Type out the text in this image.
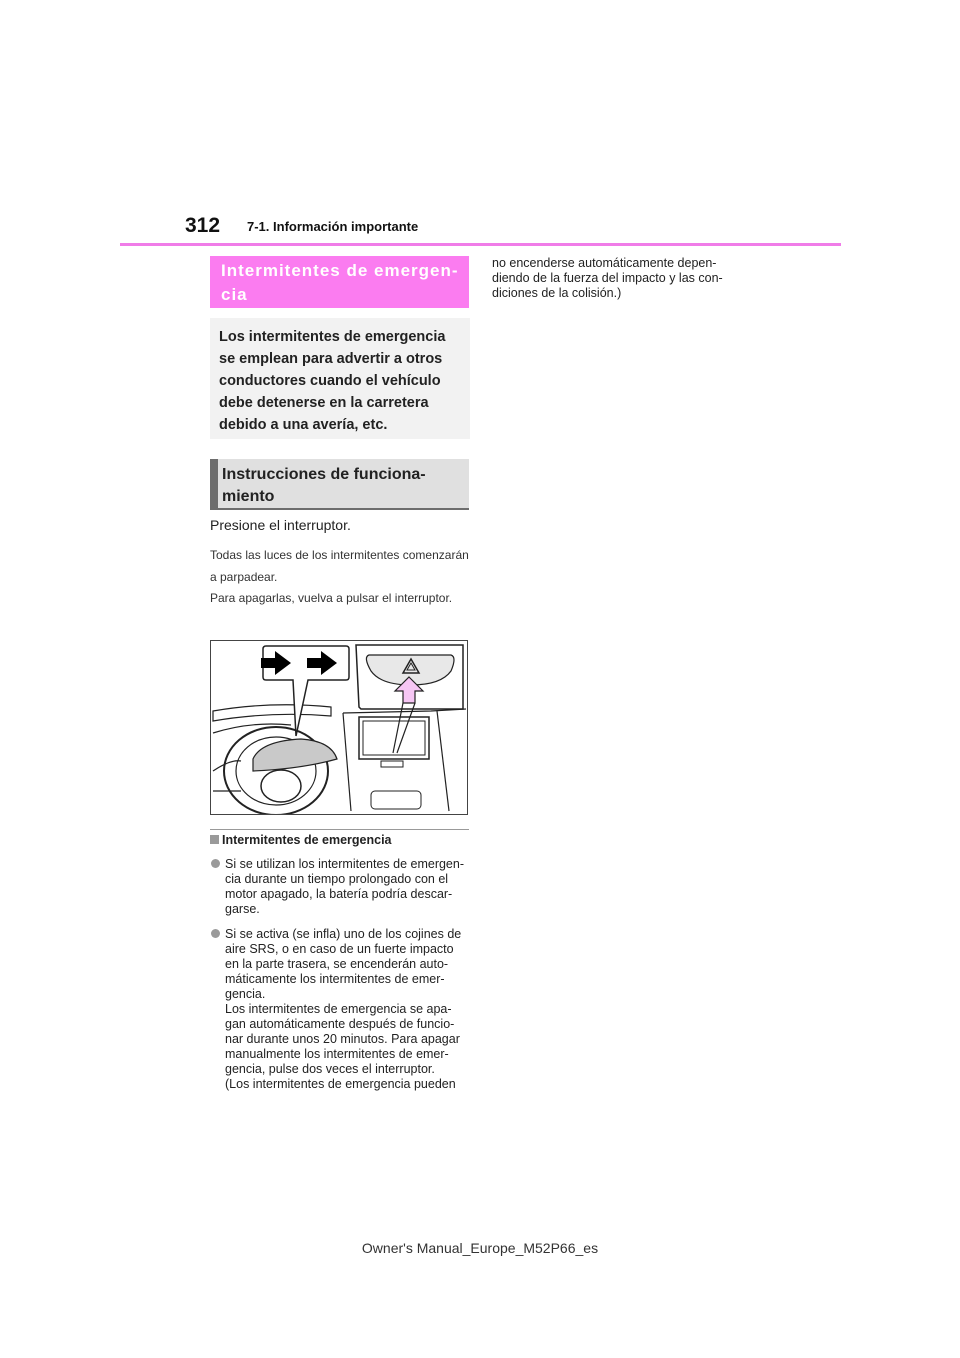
312 7-1. Información importante
Intermitentes de emergen-
cia
Los intermitentes de emergencia se emplean para advertir a otros conductores cuando el vehículo debe detenerse en la carretera debido a una avería, etc.
Instrucciones de funciona-
miento
Presione el interruptor.
Todas las luces de los intermitentes comenzarán a parpadear.
Para apagarlas, vuelva a pulsar el interruptor.
Intermitentes de emergencia
Si se utilizan los intermitentes de emergen-
cia durante un tiempo prolongado con el
motor apagado, la batería podría descar-
garse.
Si se activa (se infla) uno de los cojines de
aire SRS, o en caso de un fuerte impacto
en la parte trasera, se encenderán auto-
máticamente los intermitentes de emer-
gencia.
Los intermitentes de emergencia se apa-
gan automáticamente después de funcio-
nar durante unos 20 minutos. Para apagar
manualmente los intermitentes de emer-
gencia, pulse dos veces el interruptor.
(Los intermitentes de emergencia pueden
no encenderse automáticamente depen-
diendo de la fuerza del impacto y las con-
diciones de la colisión.)
Owner's Manual_Europe_M52P66_es
